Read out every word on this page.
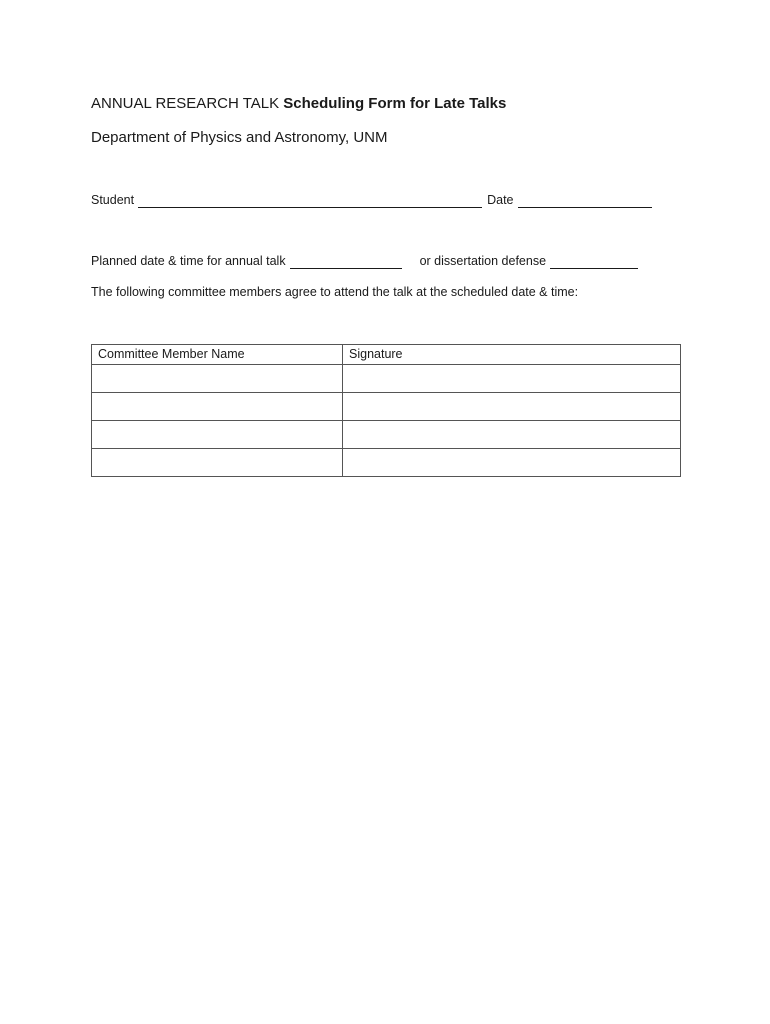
ANNUAL RESEARCH TALK Scheduling Form for Late Talks
Department of Physics and Astronomy, UNM
Student	Date
Planned date & time for annual talk	or dissertation defense
The following committee members agree to attend the talk at the scheduled date & time:
Committee Member Name	Signature
